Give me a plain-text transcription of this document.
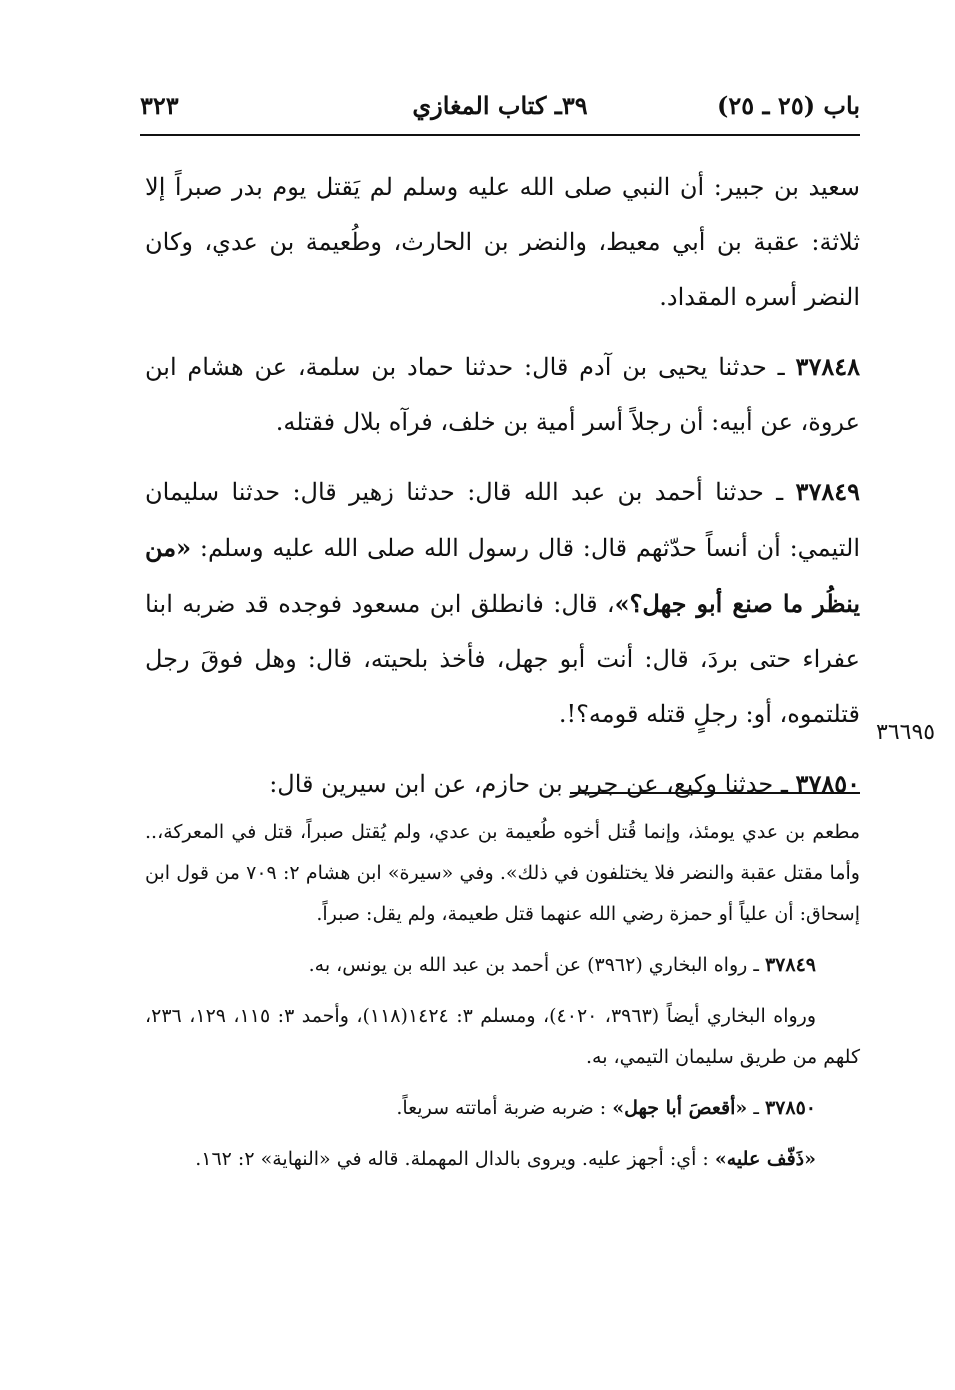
باب (٢٥ ـ ٢٥)
٣٩ـ كتاب المغازي
٣٢٣

سعيد بن جبير: أن النبي صلى الله عليه وسلم لم يَقتل يوم بدر صبراً إلا ثلاثة: عقبة بن أبي معيط، والنضر بن الحارث، وطُعيمة بن عدي، وكان النضر أسره المقداد.

٣٧٨٤٨ ـ حدثنا يحيى بن آدم قال: حدثنا حماد بن سلمة، عن هشام ابن عروة، عن أبيه: أن رجلاً أسر أمية بن خلف، فرآه بلال فقتله.

٣٧٨٤٩ ـ حدثنا أحمد بن عبد الله قال: حدثنا زهير قال: حدثنا سليمان التيمي: أن أنساً حدّثهم قال: قال رسول الله صلى الله عليه وسلم: «من ينظُر ما صنع أبو جهل؟»، قال: فانطلق ابن مسعود فوجده قد ضربه ابنا عفراء حتى بردَ، قال: أنت أبو جهل، فأخذ بلحيته، قال: وهل فوقَ رجل قتلتموه، أو: رجلٍ قتله قومه؟!.

٣٧٨٥٠ ـ حدثنا وكيع، عن جرير بن حازم، عن ابن سيرين قال:

٣٦٦٩٥

مطعم بن عدي يومئذ، وإنما قُتل أخوه طُعيمة بن عدي، ولم يُقتل صبراً، قتل في المعركة،.. وأما مقتل عقبة والنضر فلا يختلفون في ذلك». وفي «سيرة» ابن هشام ٢: ٧٠٩ من قول ابن إسحاق: أن علياً أو حمزة رضي الله عنهما قتل طعيمة، ولم يقل: صبراً.

٣٧٨٤٩ ـ رواه البخاري (٣٩٦٢) عن أحمد بن عبد الله بن يونس، به.

ورواه البخاري أيضاً (٣٩٦٣، ٤٠٢٠)، ومسلم ٣: ١٤٢٤(١١٨)، وأحمد ٣: ١١٥، ١٢٩، ٢٣٦، كلهم من طريق سليمان التيمي، به.

٣٧٨٥٠ ـ «أقعصَ أبا جهل» : ضربه ضربة أماتته سريعاً.

«ذَفّف عليه» : أي: أجهز عليه. ويروى بالدال المهملة. قاله في «النهاية» ٢: ١٦٢.
